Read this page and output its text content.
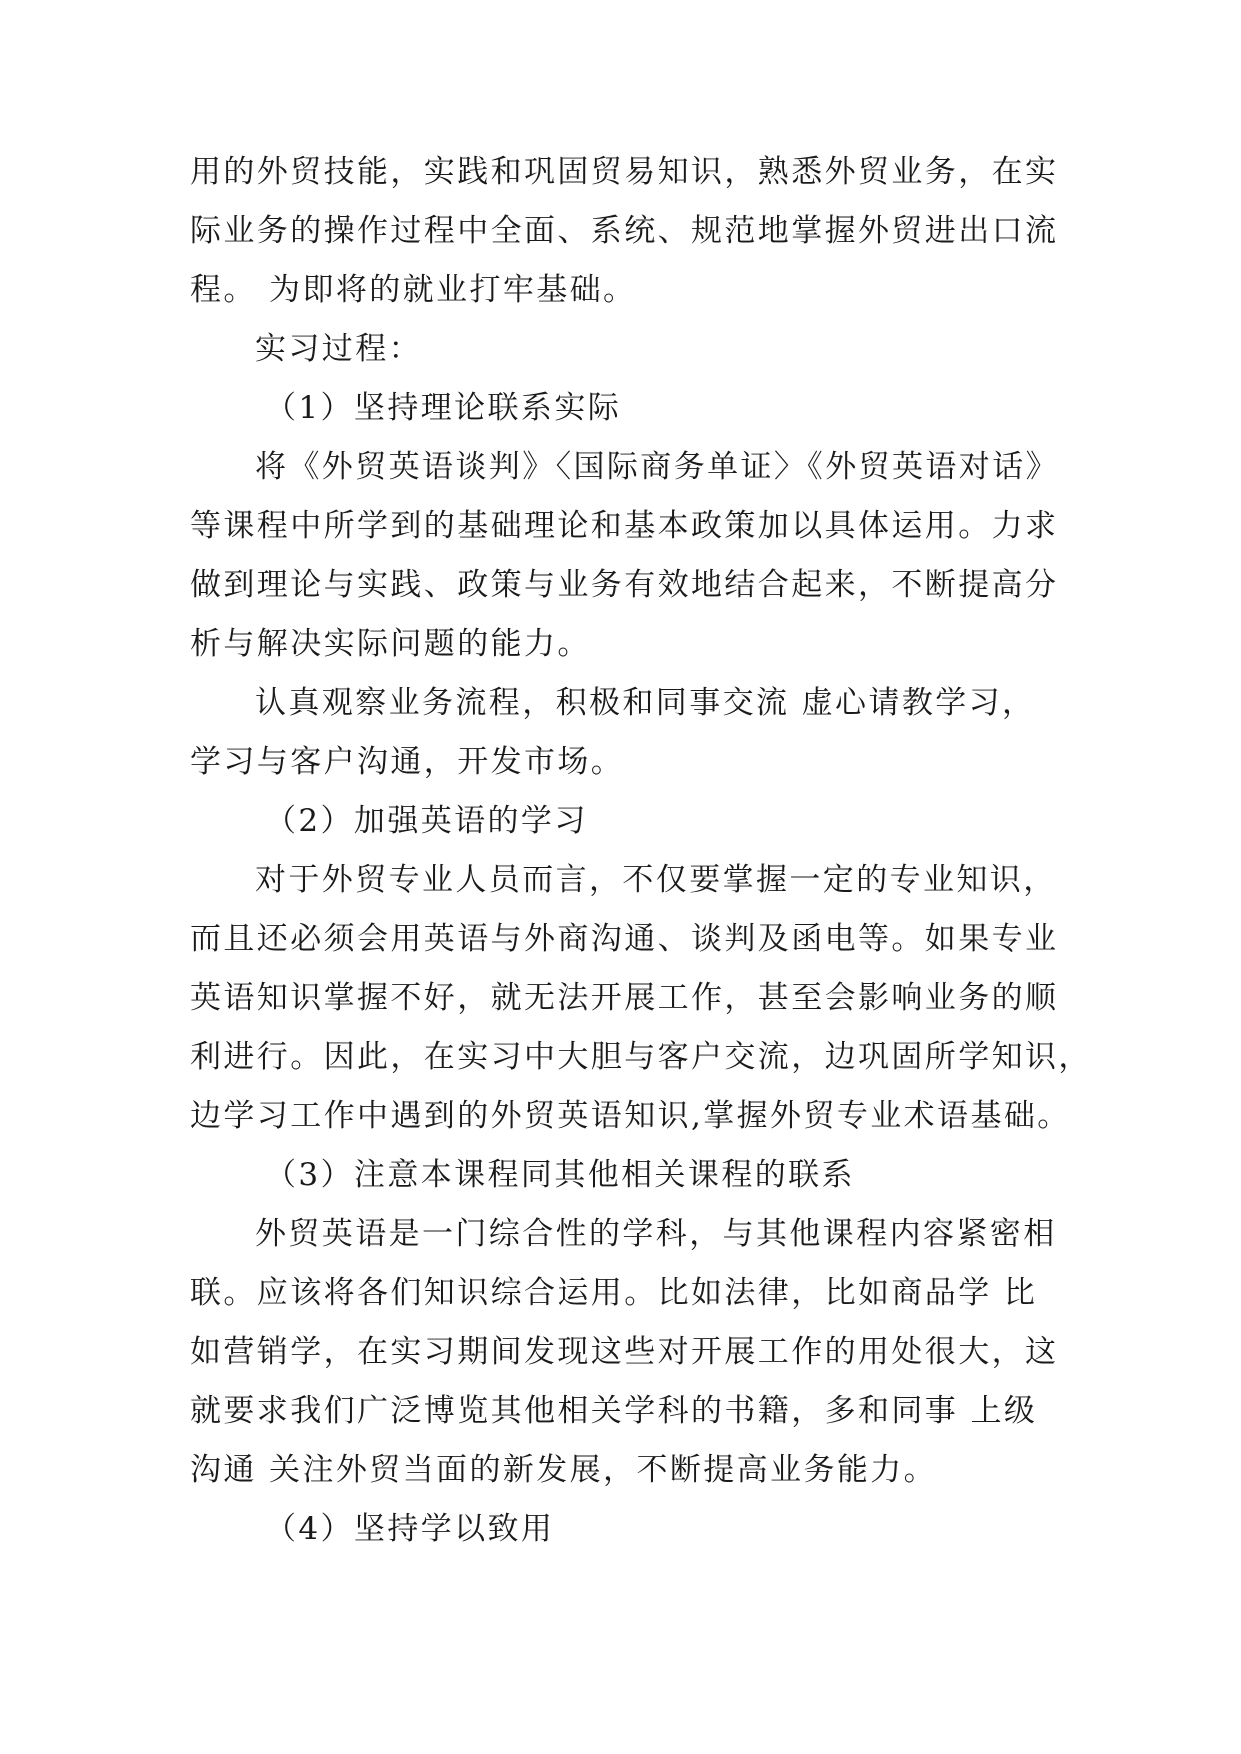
用的外贸技能，实践和巩固贸易知识，熟悉外贸业务，在实
际业务的操作过程中全面、系统、规范地掌握外贸进出口流
程。 为即将的就业打牢基础。
实习过程：
（1）坚持理论联系实际
将《外贸英语谈判》〈国际商务单证〉《外贸英语对话》
等课程中所学到的基础理论和基本政策加以具体运用。力求
做到理论与实践、政策与业务有效地结合起来，不断提高分
析与解决实际问题的能力。
认真观察业务流程，积极和同事交流 虚心请教学习，
学习与客户沟通，开发市场。
（2）加强英语的学习
对于外贸专业人员而言，不仅要掌握一定的专业知识，
而且还必须会用英语与外商沟通、谈判及函电等。如果专业
英语知识掌握不好，就无法开展工作，甚至会影响业务的顺
利进行。因此，在实习中大胆与客户交流，边巩固所学知识，
边学习工作中遇到的外贸英语知识,掌握外贸专业术语基础。
（3）注意本课程同其他相关课程的联系
外贸英语是一门综合性的学科，与其他课程内容紧密相
联。应该将各们知识综合运用。比如法律，比如商品学 比
如营销学，在实习期间发现这些对开展工作的用处很大，这
就要求我们广泛博览其他相关学科的书籍，多和同事 上级
沟通 关注外贸当面的新发展，不断提高业务能力。
（4）坚持学以致用
